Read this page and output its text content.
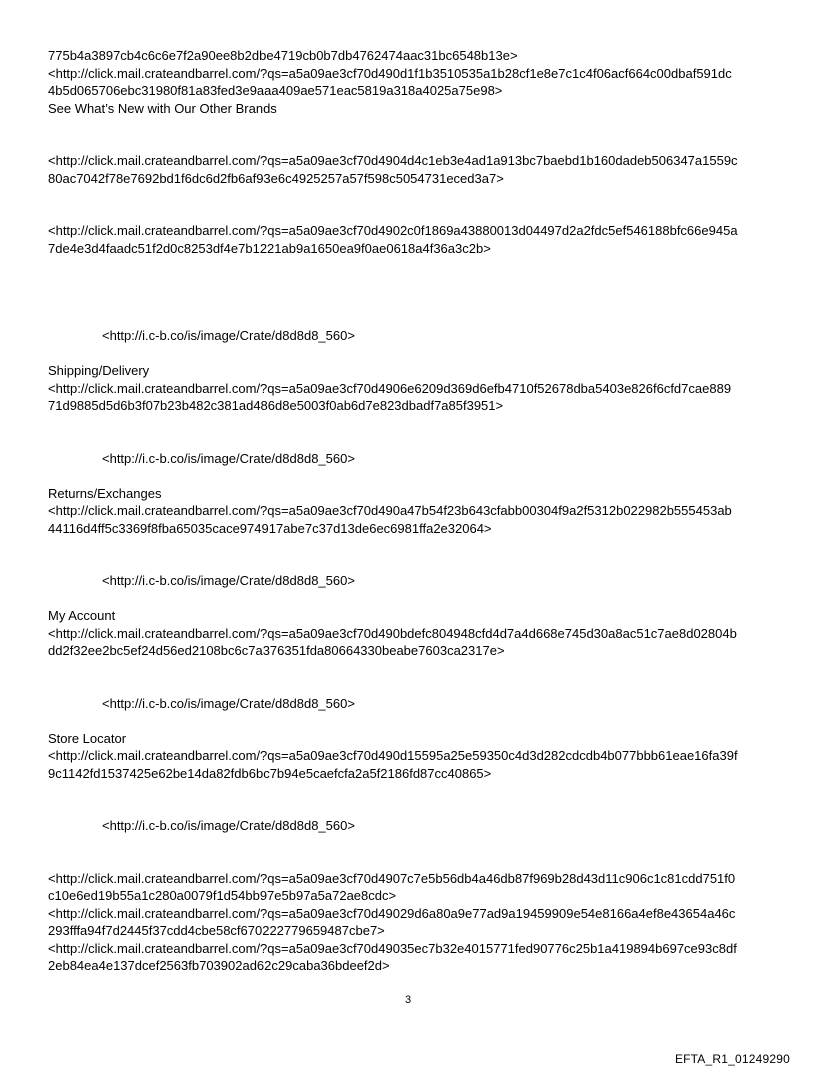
775b4a3897cb4c6c6e7f2a90ee8b2dbe4719cb0b7db4762474aac31bc6548b13e>
<http://click.mail.crateandbarrel.com/?qs=a5a09ae3cf70d490d1f1b3510535a1b28cf1e8e7c1c4f06acf664c00dbaf591dc
4b5d065706ebc31980f81a83fed3e9aaa409ae571eac5819a318a4025a75e98>
See What’s New with Our Other Brands
<http://click.mail.crateandbarrel.com/?qs=a5a09ae3cf70d4904d4c1eb3e4ad1a913bc7baebd1b160dadeb506347a1559c
80ac7042f78e7692bd1f6dc6d2fb6af93e6c4925257a57f598c5054731eced3a7>
<http://click.mail.crateandbarrel.com/?qs=a5a09ae3cf70d4902c0f1869a43880013d04497d2a2fdc5ef546188bfc66e945a
7de4e3d4faadc51f2d0c8253df4e7b1221ab9a1650ea9f0ae0618a4f36a3c2b>
<http://i.c-b.co/is/image/Crate/d8d8d8_560>
Shipping/Delivery
<http://click.mail.crateandbarrel.com/?qs=a5a09ae3cf70d4906e6209d369d6efb4710f52678dba5403e826f6cfd7cae889
71d9885d5d6b3f07b23b482c381ad486d8e5003f0ab6d7e823dbadf7a85f3951>
<http://i.c-b.co/is/image/Crate/d8d8d8_560>
Returns/Exchanges
<http://click.mail.crateandbarrel.com/?qs=a5a09ae3cf70d490a47b54f23b643cfabb00304f9a2f5312b022982b555453ab
44116d4ff5c3369f8fba65035cace974917abe7c37d13de6ec6981ffa2e32064>
<http://i.c-b.co/is/image/Crate/d8d8d8_560>
My Account
<http://click.mail.crateandbarrel.com/?qs=a5a09ae3cf70d490bdefc804948cfd4d7a4d668e745d30a8ac51c7ae8d02804b
dd2f32ee2bc5ef24d56ed2108bc6c7a376351fda80664330beabe7603ca2317e>
<http://i.c-b.co/is/image/Crate/d8d8d8_560>
Store Locator
<http://click.mail.crateandbarrel.com/?qs=a5a09ae3cf70d490d15595a25e59350c4d3d282cdcdb4b077bbb61eae16fa39f
9c1142fd1537425e62be14da82fdb6bc7b94e5caefcfa2a5f2186fd87cc40865>
<http://i.c-b.co/is/image/Crate/d8d8d8_560>
<http://click.mail.crateandbarrel.com/?qs=a5a09ae3cf70d4907c7e5b56db4a46db87f969b28d43d11c906c1c81cdd751f0
c10e6ed19b55a1c280a0079f1d54bb97e5b97a5a72ae8cdc>
<http://click.mail.crateandbarrel.com/?qs=a5a09ae3cf70d49029d6a80a9e77ad9a19459909e54e8166a4ef8e43654a46c
293fffa94f7d2445f37cdd4cbe58cf670222779659487cbe7>
<http://click.mail.crateandbarrel.com/?qs=a5a09ae3cf70d49035ec7b32e4015771fed90776c25b1a419894b697ce93c8df
2eb84ea4e137dcef2563fb703902ad62c29caba36bdeef2d>
3
EFTA_R1_01249290
